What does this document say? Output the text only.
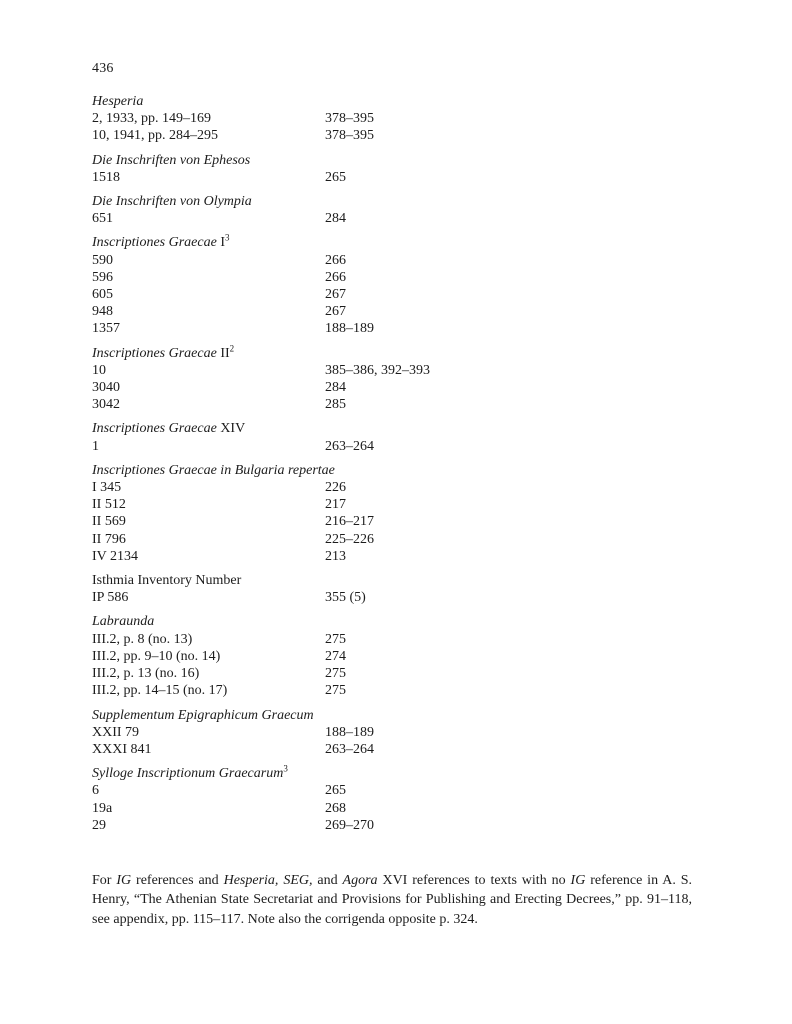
436
Hesperia
2, 1933, pp. 149–169	378–395
10, 1941, pp. 284–295	378–395
Die Inschriften von Ephesos
1518	265
Die Inschriften von Olympia
651	284
Inscriptiones Graecae $I^3$
590	266
596	266
605	267
948	267
1357	188–189
Inscriptiones Graecae $II^2$
10	385–386, 392–393
3040	284
3042	285
Inscriptiones Graecae XIV
1	263–264
Inscriptiones Graecae in Bulgaria repertae
I 345	226
II 512	217
II 569	216–217
II 796	225–226
IV 2134	213
Isthmia Inventory Number
IP 586	355 (5)
Labraunda
III.2, p. 8 (no. 13)	275
III.2, pp. 9–10 (no. 14)	274
III.2, p. 13 (no. 16)	275
III.2, pp. 14–15 (no. 17)	275
Supplementum Epigraphicum Graecum
XXII 79	188–189
XXXI 841	263–264
Sylloge Inscriptionum Graecarum$^3$
6	265
19a	268
29	269–270

For IG references and Hesperia, SEG, and Agora XVI references to texts with no IG reference in A. S. Henry, “The Athenian State Secretariat and Provisions for Publishing and Erecting Decrees,” pp. 91–118, see appendix, pp. 115–117. Note also the corrigenda opposite p. 324.
